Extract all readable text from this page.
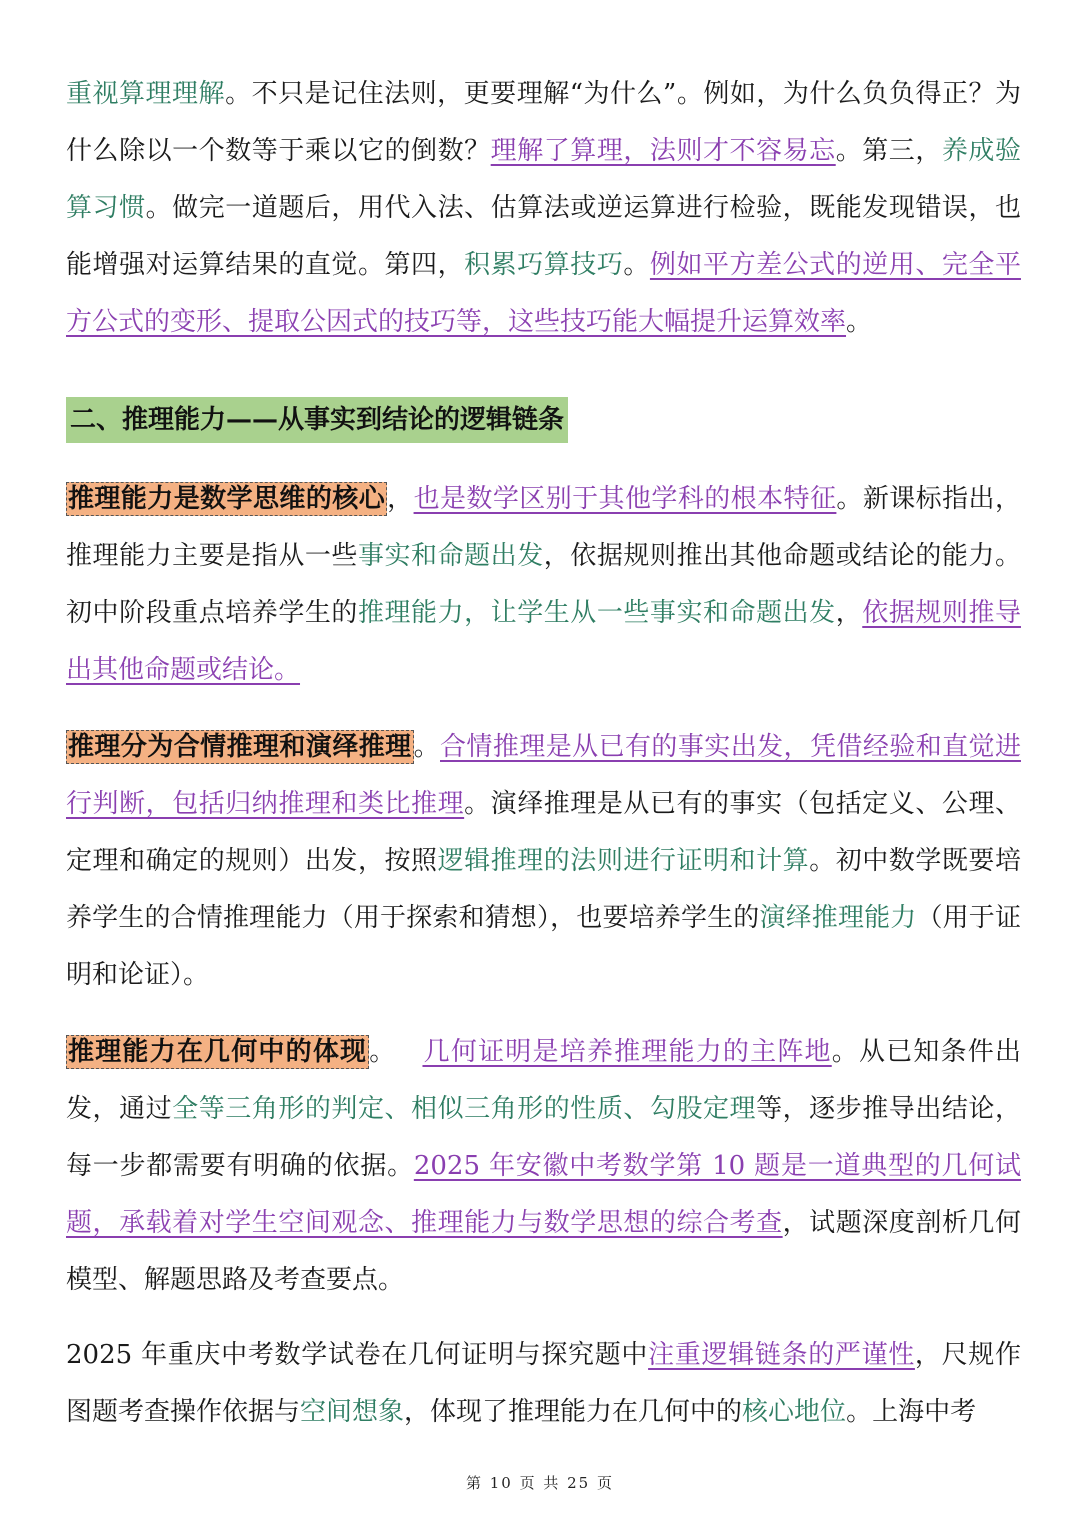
重视算理理解。不只是记住法则，更要理解“为什么”。例如，为什么负负得正？为什么除以一个数等于乘以它的倒数？理解了算理，法则才不容易忘。第三，养成验算习惯。做完一道题后，用代入法、估算法或逆运算进行检验，既能发现错误，也能增强对运算结果的直觉。第四，积累巧算技巧。例如平方差公式的逆用、完全平方公式的变形、提取公因式的技巧等，这些技巧能大幅提升运算效率。

二、推理能力——从事实到结论的逻辑链条

推理能力是数学思维的核心，也是数学区别于其他学科的根本特征。新课标指出，推理能力主要是指从一些事实和命题出发，依据规则推出其他命题或结论的能力。初中阶段重点培养学生的推理能力，让学生从一些事实和命题出发，依据规则推导出其他命题或结论。

推理分为合情推理和演绎推理。合情推理是从已有的事实出发，凭借经验和直觉进行判断，包括归纳推理和类比推理。演绎推理是从已有的事实（包括定义、公理、定理和确定的规则）出发，按照逻辑推理的法则进行证明和计算。初中数学既要培养学生的合情推理能力（用于探索和猜想），也要培养学生的演绎推理能力（用于证明和论证）。

推理能力在几何中的体现。  几何证明是培养推理能力的主阵地。从已知条件出发，通过全等三角形的判定、相似三角形的性质、勾股定理等，逐步推导出结论，每一步都需要有明确的依据。2025 年安徽中考数学第 10 题是一道典型的几何试题，承载着对学生空间观念、推理能力与数学思想的综合考查，试题深度剖析几何模型、解题思路及考查要点。

2025 年重庆中考数学试卷在几何证明与探究题中注重逻辑链条的严谨性，尺规作图题考查操作依据与空间想象，体现了推理能力在几何中的核心地位。上海中考

第 10 页 共 25 页
